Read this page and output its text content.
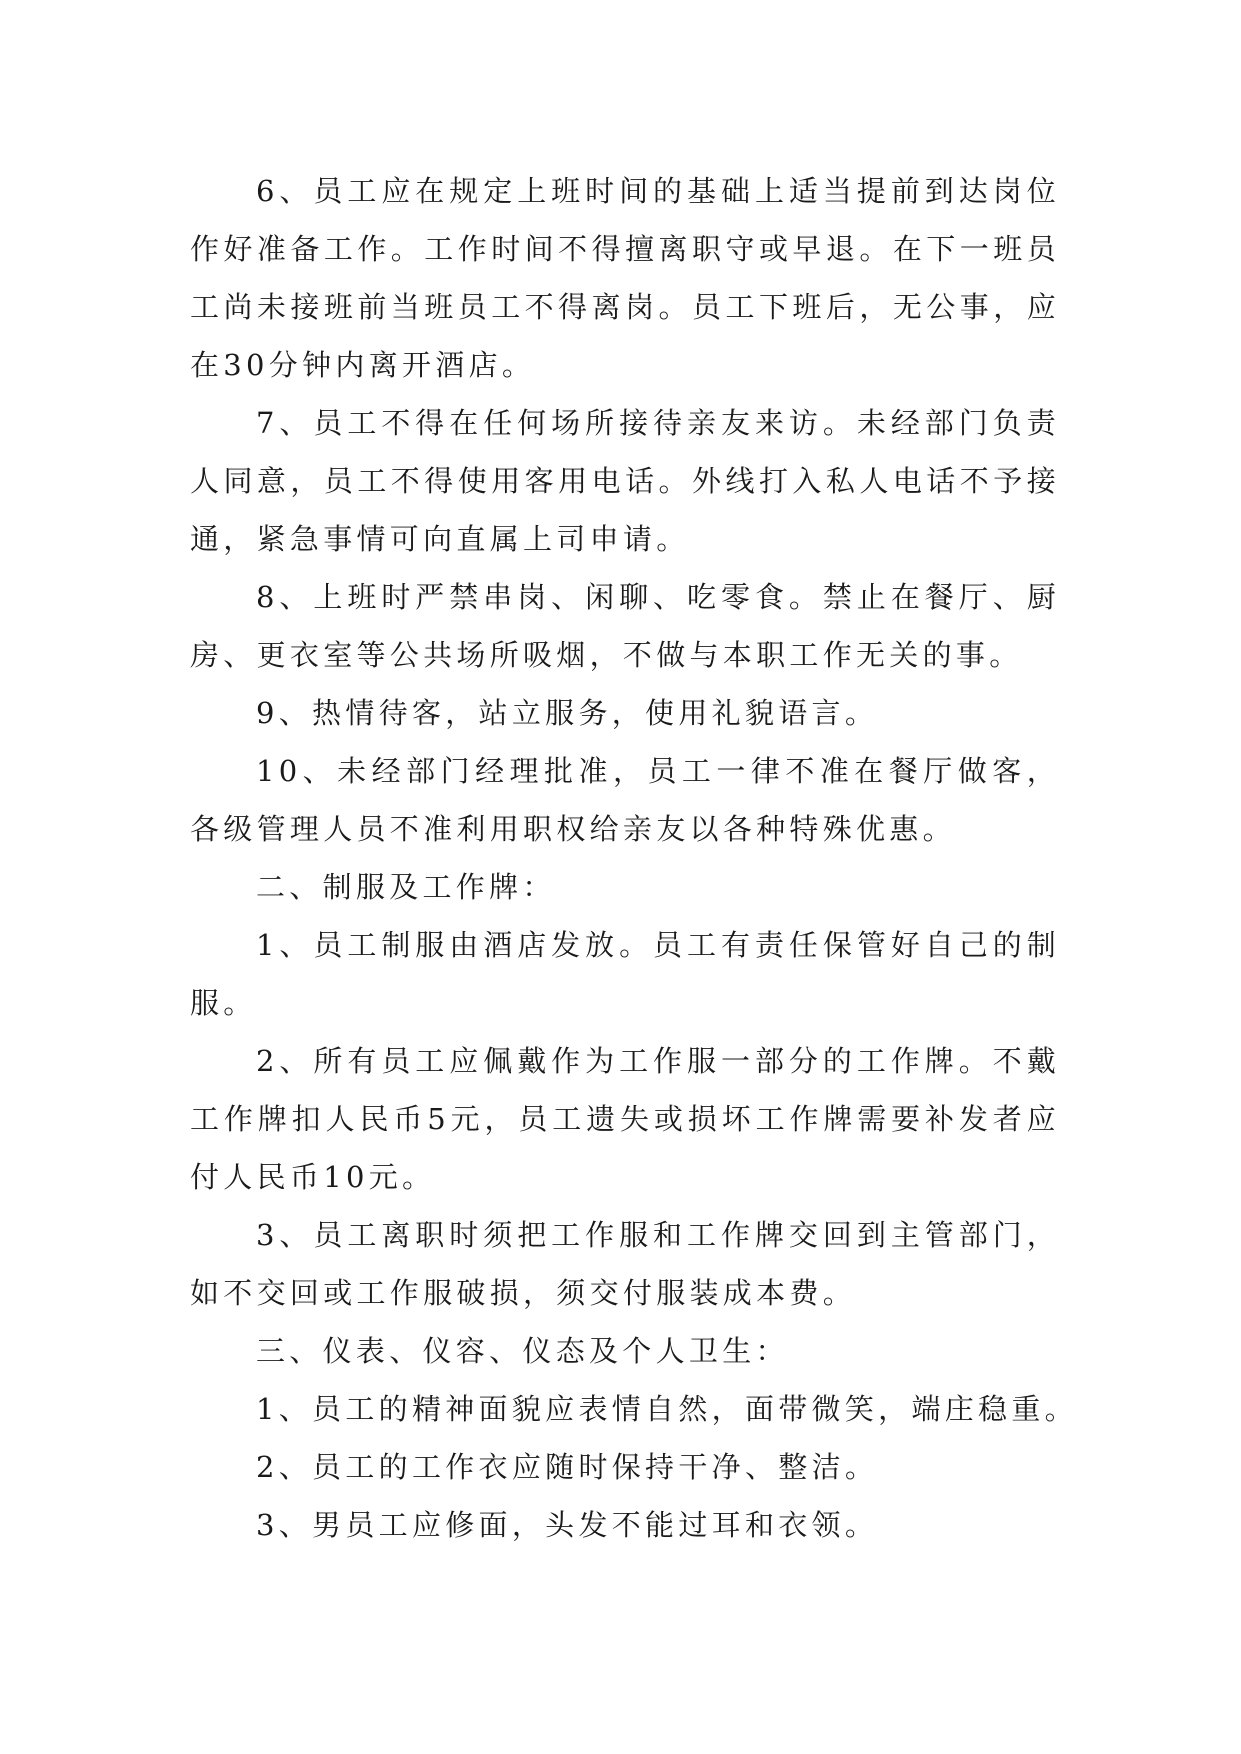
6、员工应在规定上班时间的基础上适当提前到达岗位作好准备工作。工作时间不得擅离职守或早退。在下一班员工尚未接班前当班员工不得离岗。员工下班后，无公事，应在30分钟内离开酒店。

7、员工不得在任何场所接待亲友来访。未经部门负责人同意，员工不得使用客用电话。外线打入私人电话不予接通，紧急事情可向直属上司申请。

8、上班时严禁串岗、闲聊、吃零食。禁止在餐厅、厨房、更衣室等公共场所吸烟，不做与本职工作无关的事。

9、热情待客，站立服务，使用礼貌语言。

10、未经部门经理批准，员工一律不准在餐厅做客，各级管理人员不准利用职权给亲友以各种特殊优惠。

二、制服及工作牌：

1、员工制服由酒店发放。员工有责任保管好自己的制服。

2、所有员工应佩戴作为工作服一部分的工作牌。不戴工作牌扣人民币5元，员工遗失或损坏工作牌需要补发者应付人民币10元。

3、员工离职时须把工作服和工作牌交回到主管部门，如不交回或工作服破损，须交付服装成本费。

三、仪表、仪容、仪态及个人卫生：

1、员工的精神面貌应表情自然，面带微笑，端庄稳重。

2、员工的工作衣应随时保持干净、整洁。

3、男员工应修面，头发不能过耳和衣领。
